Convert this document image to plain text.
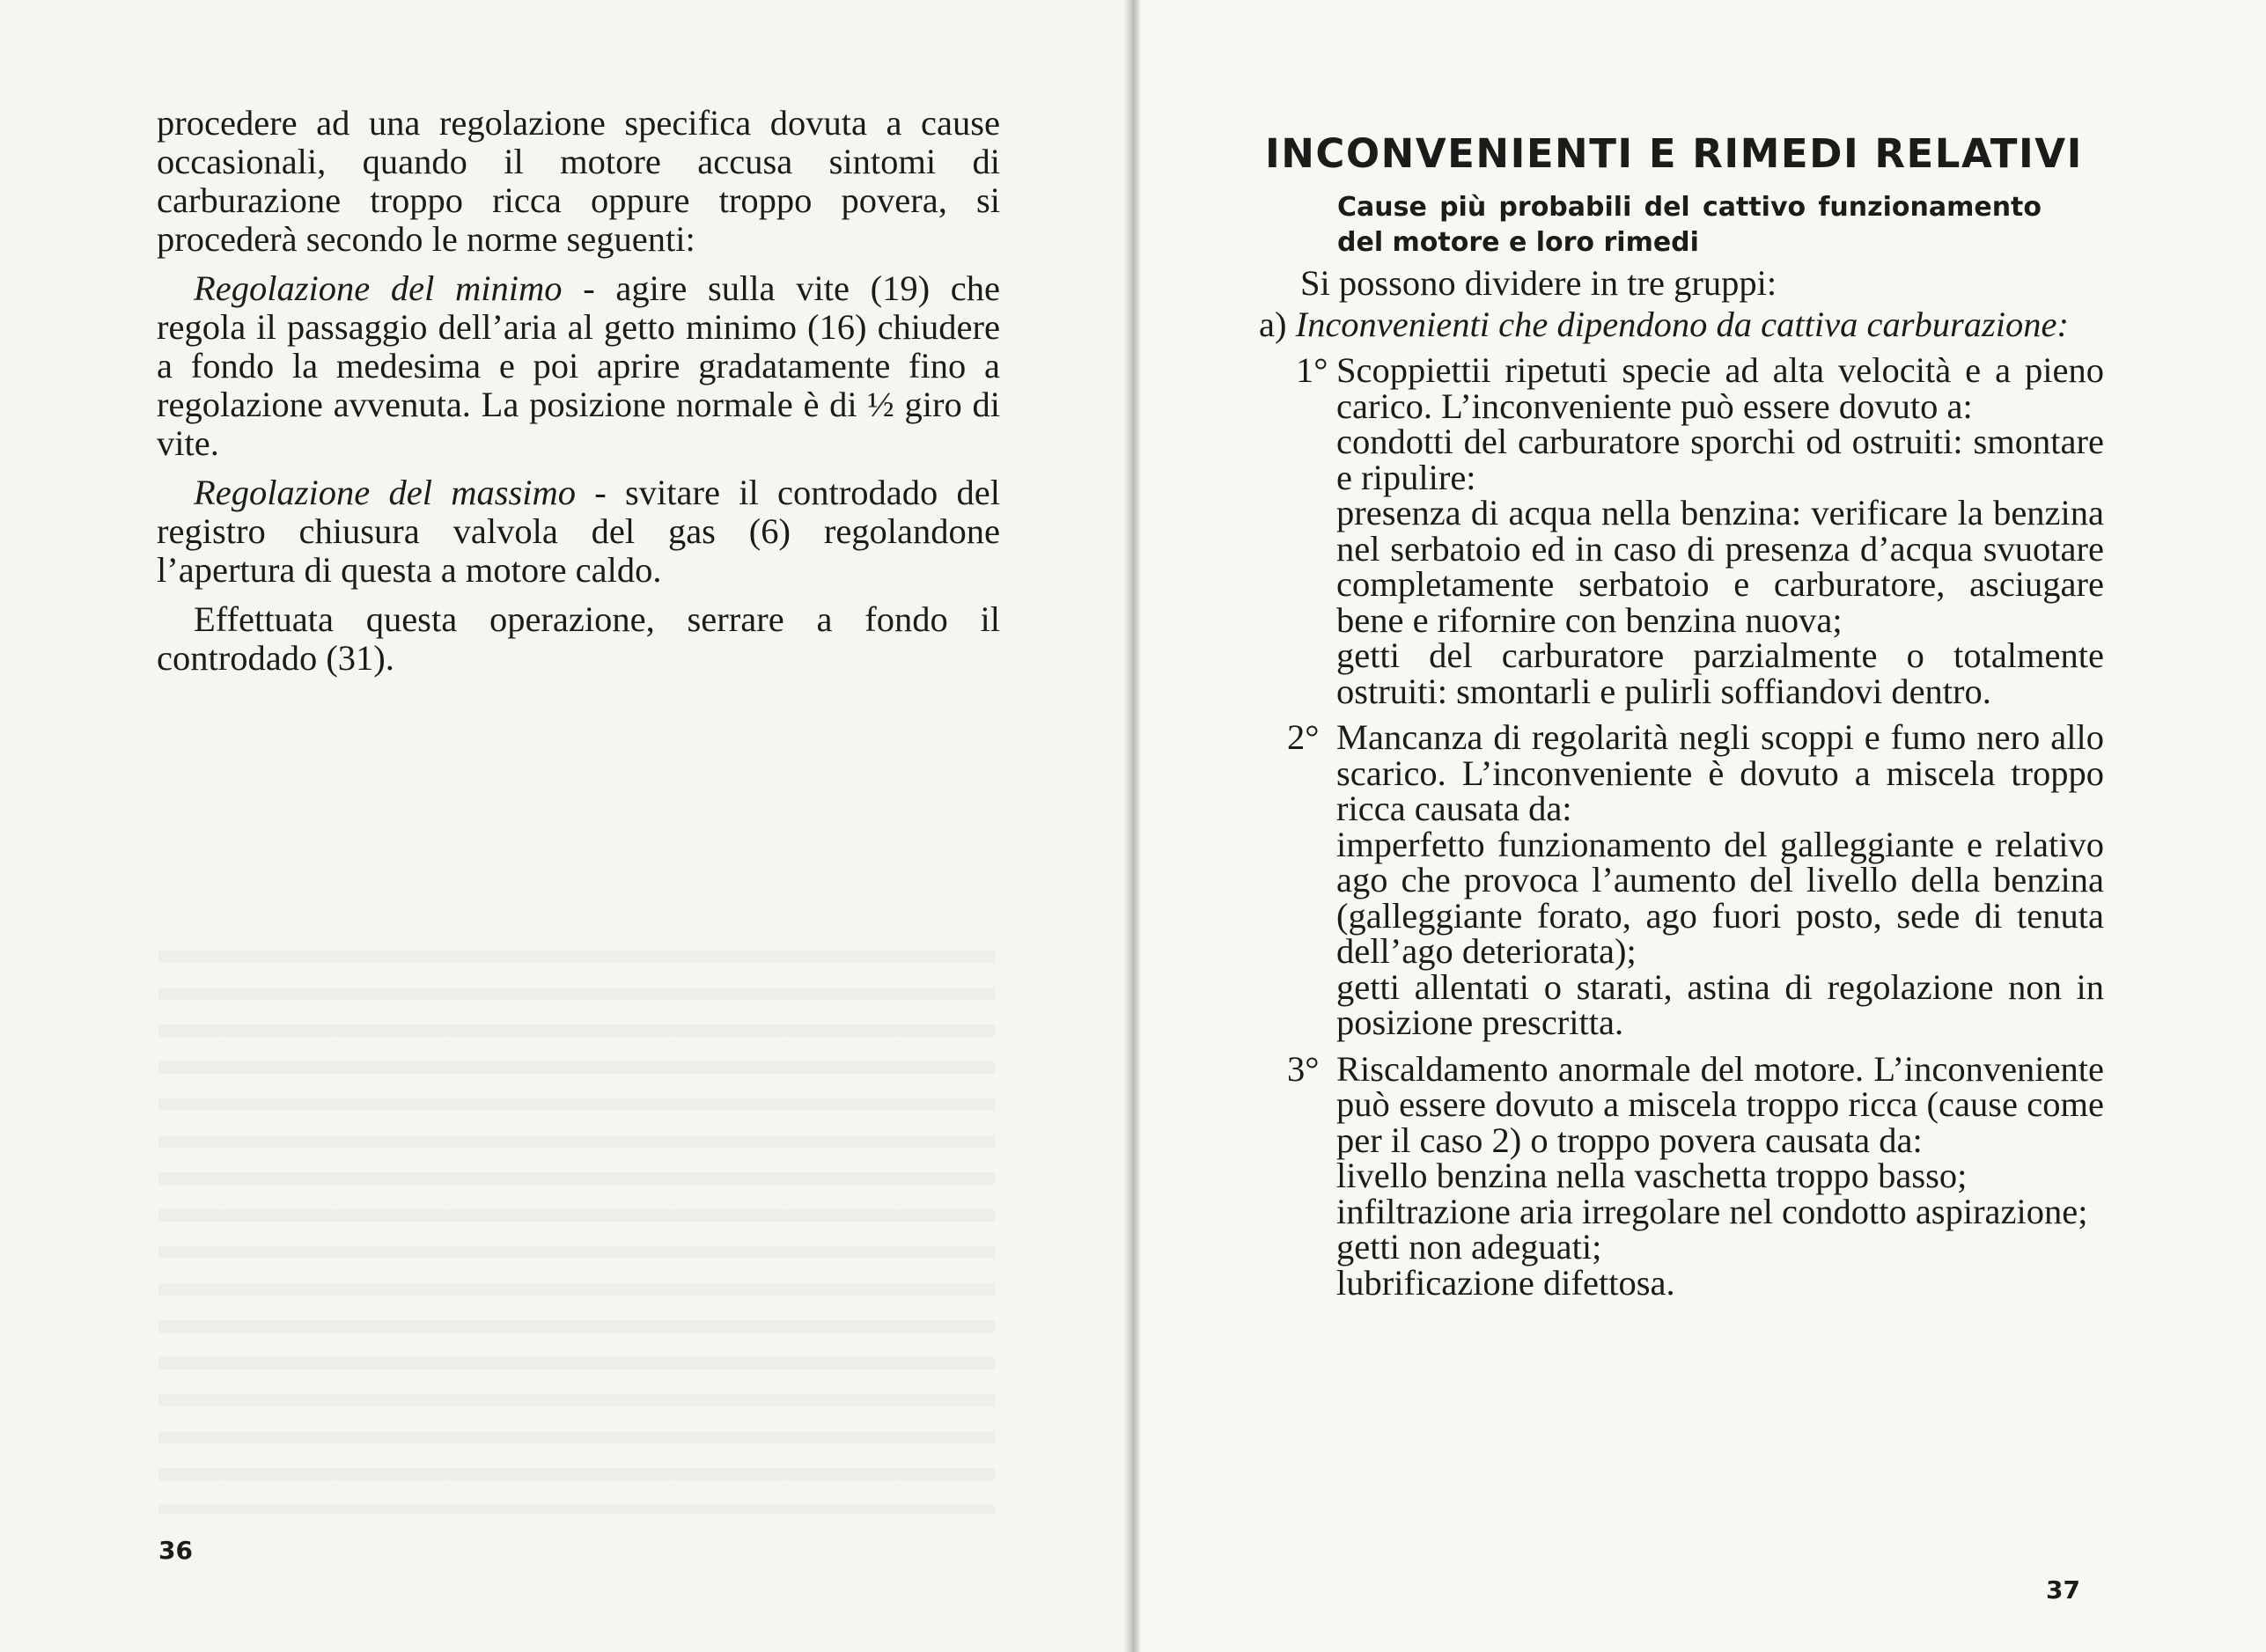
procedere ad una regolazione specifica dovuta a cause occasionali, quando il motore accusa sintomi di carburazione troppo ricca oppure troppo povera, si procederà secondo le norme seguenti:

Regolazione del minimo - agire sulla vite (19) che regola il passaggio dell’aria al getto minimo (16) chiudere a fondo la medesima e poi aprire gradatamente fino a regolazione avvenuta. La posizione normale è di ½ giro di vite.

Regolazione del massimo - svitare il controdado del registro chiusura valvola del gas (6) regolandone l’apertura di questa a motore caldo.

Effettuata questa operazione, serrare a fondo il controdado (31).

36
INCONVENIENTI E RIMEDI RELATIVI
Cause più probabili del cattivo funzionamento del motore e loro rimedi

Si possono dividere in tre gruppi:

a) Inconvenienti che dipendono da cattiva carburazione:

1° Scoppiettii ripetuti specie ad alta velocità e a pieno carico. L’inconveniente può essere dovuto a:

condotti del carburatore sporchi od ostruiti: smontare e ripulire:

presenza di acqua nella benzina: verificare la benzina nel serbatoio ed in caso di presenza d’acqua svuotare completamente serbatoio e carburatore, asciugare bene e rifornire con benzina nuova;

getti del carburatore parzialmente o totalmente ostruiti: smontarli e pulirli soffiandovi dentro.

2° Mancanza di regolarità negli scoppi e fumo nero allo scarico. L’inconveniente è dovuto a miscela troppo ricca causata da:

imperfetto funzionamento del galleggiante e relativo ago che provoca l’aumento del livello della benzina (galleggiante forato, ago fuori posto, sede di tenuta dell’ago deteriorata);

getti allentati o starati, astina di regolazione non in posizione prescritta.

3° Riscaldamento anormale del motore. L’inconveniente può essere dovuto a miscela troppo ricca (cause come per il caso 2) o troppo povera causata da:

livello benzina nella vaschetta troppo basso;

infiltrazione aria irregolare nel condotto aspirazione;

getti non adeguati;

lubrificazione difettosa.

37
